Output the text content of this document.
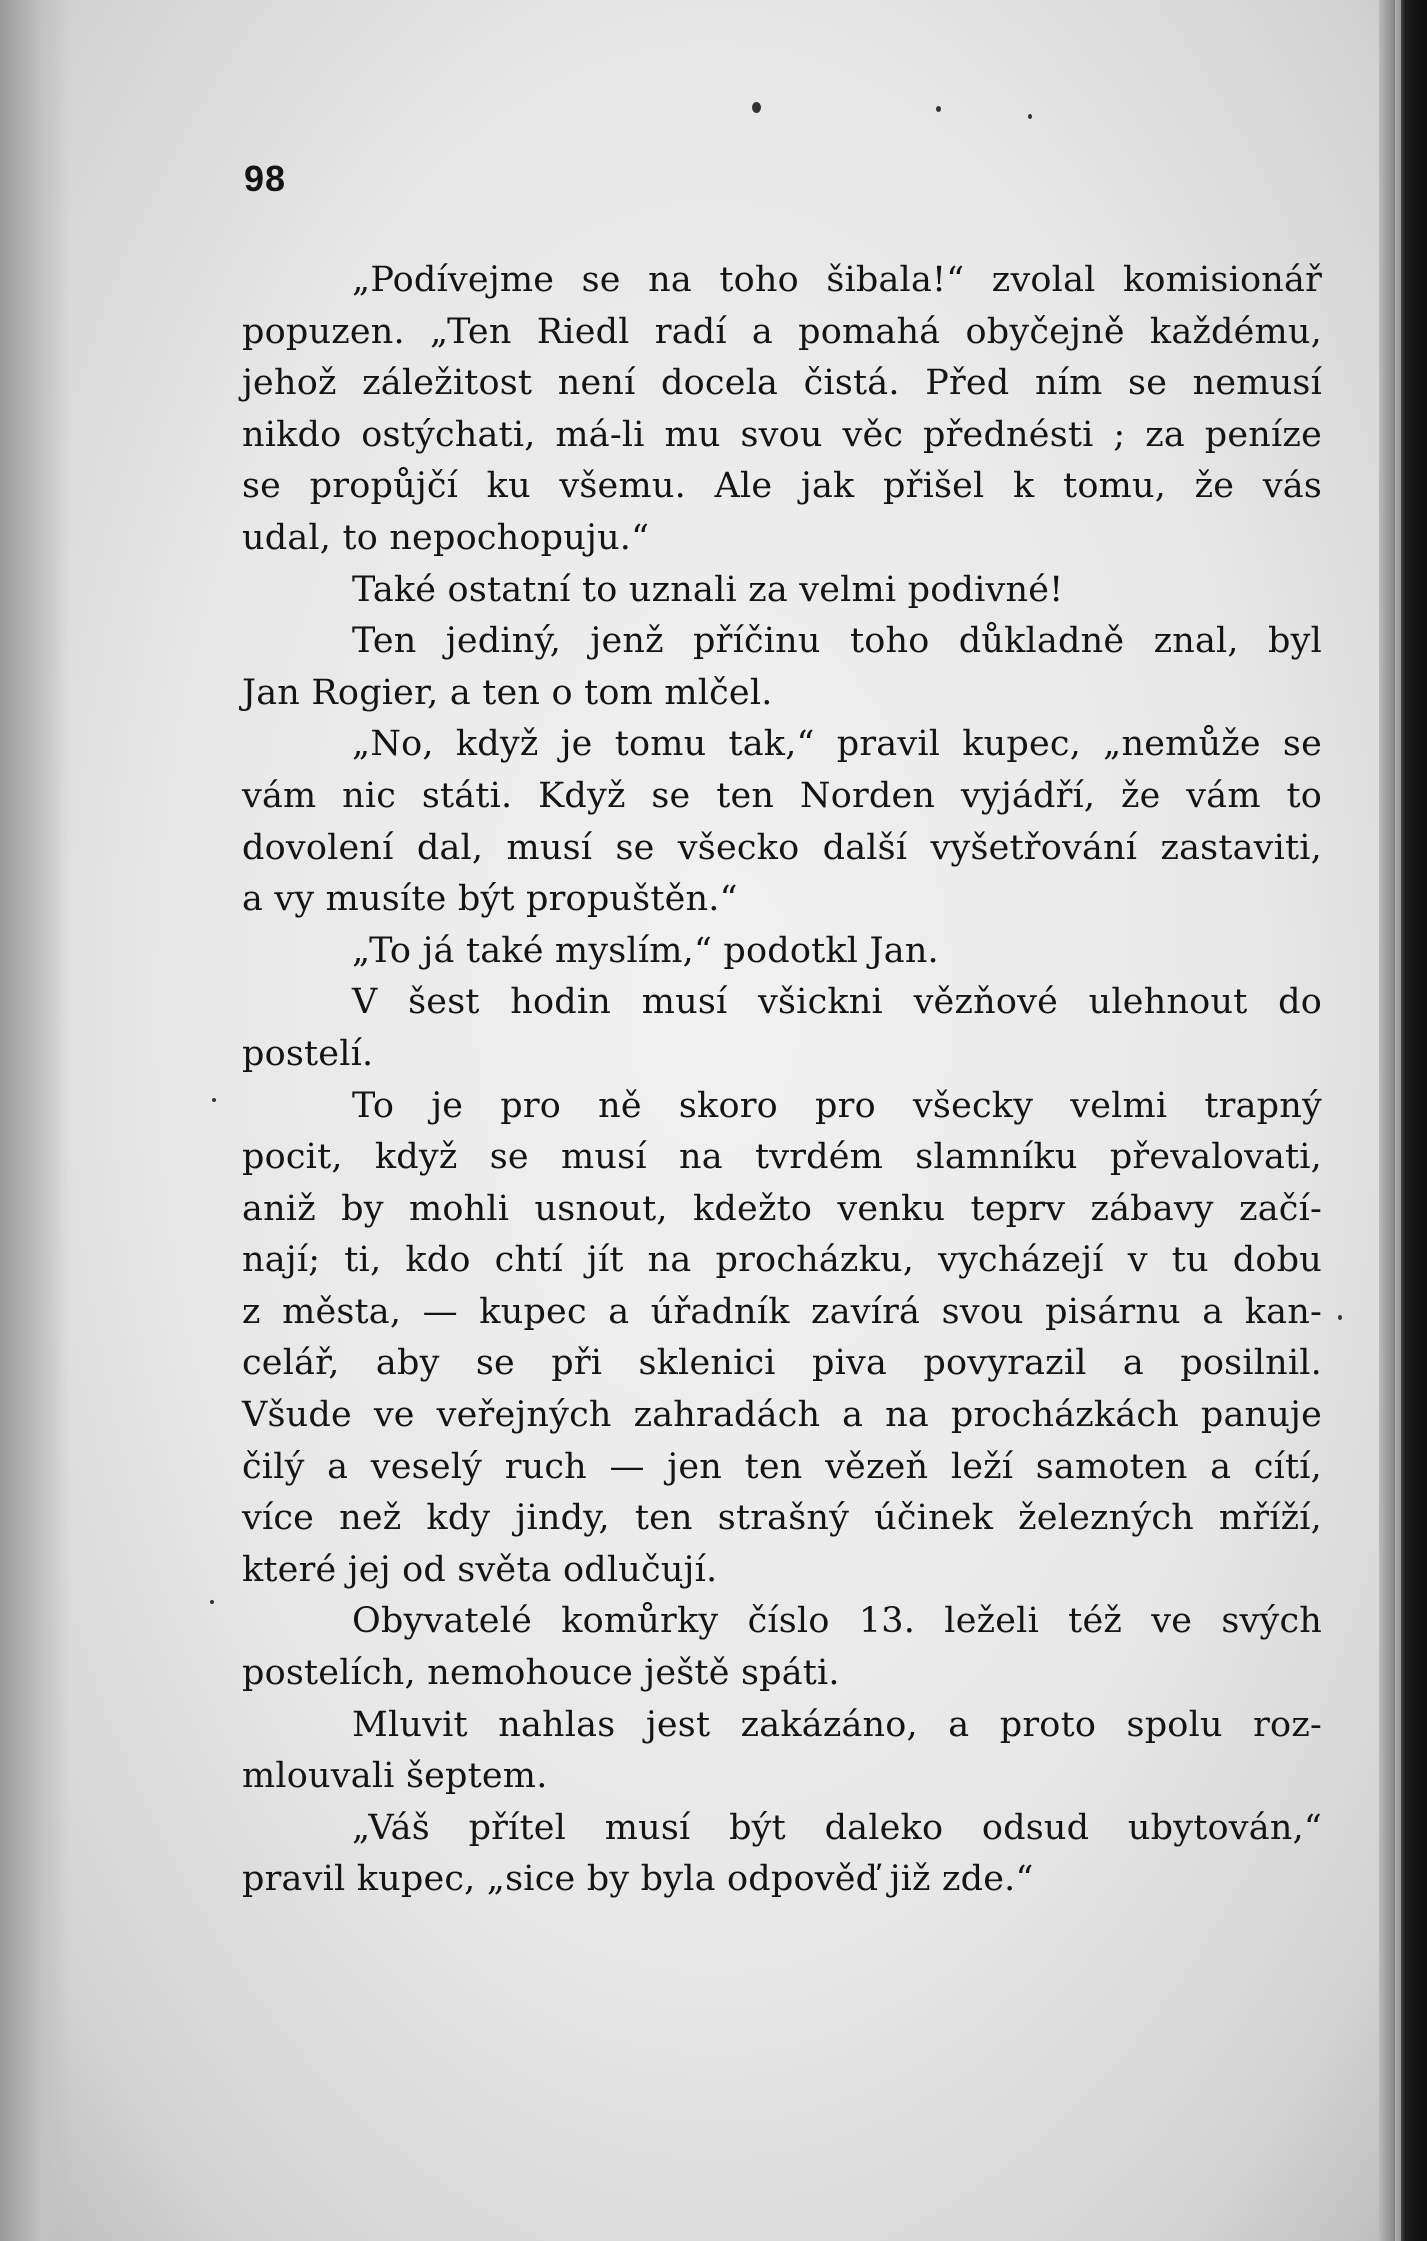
98
„Podívejme se na toho šibala!“ zvolal komisionář
popuzen. „Ten Riedl radí a pomahá obyčejně každému,
jehož záležitost není docela čistá. Před ním se nemusí
nikdo ostýchati, má-li mu svou věc přednésti ; za peníze
se propůjčí ku všemu. Ale jak přišel k tomu, že vás
udal, to nepochopuju.“
Také ostatní to uznali za velmi podivné!
Ten jediný, jenž příčinu toho důkladně znal, byl
Jan Rogier, a ten o tom mlčel.
„No, když je tomu tak,“ pravil kupec, „nemůže se
vám nic státi. Když se ten Norden vyjádří, že vám to
dovolení dal, musí se všecko další vyšetřování zastaviti,
a vy musíte být propuštěn.“
„To já také myslím,“ podotkl Jan.
V šest hodin musí všickni vězňové ulehnout do
postelí.
To je pro ně skoro pro všecky velmi trapný
pocit, když se musí na tvrdém slamníku převalovati,
aniž by mohli usnout, kdežto venku teprv zábavy začí-
nají; ti, kdo chtí jít na procházku, vycházejí v tu dobu
z města, — kupec a úřadník zavírá svou pisárnu a kan-
celář, aby se při sklenici piva povyrazil a posilnil.
Všude ve veřejných zahradách a na procházkách panuje
čilý a veselý ruch — jen ten vězeň leží samoten a cítí,
více než kdy jindy, ten strašný účinek železných mříží,
které jej od světa odlučují.
Obyvatelé komůrky číslo 13. leželi též ve svých
postelích, nemohouce ještě spáti.
Mluvit nahlas jest zakázáno, a proto spolu roz-
mlouvali šeptem.
„Váš přítel musí být daleko odsud ubytován,“
pravil kupec, „sice by byla odpověď již zde.“
